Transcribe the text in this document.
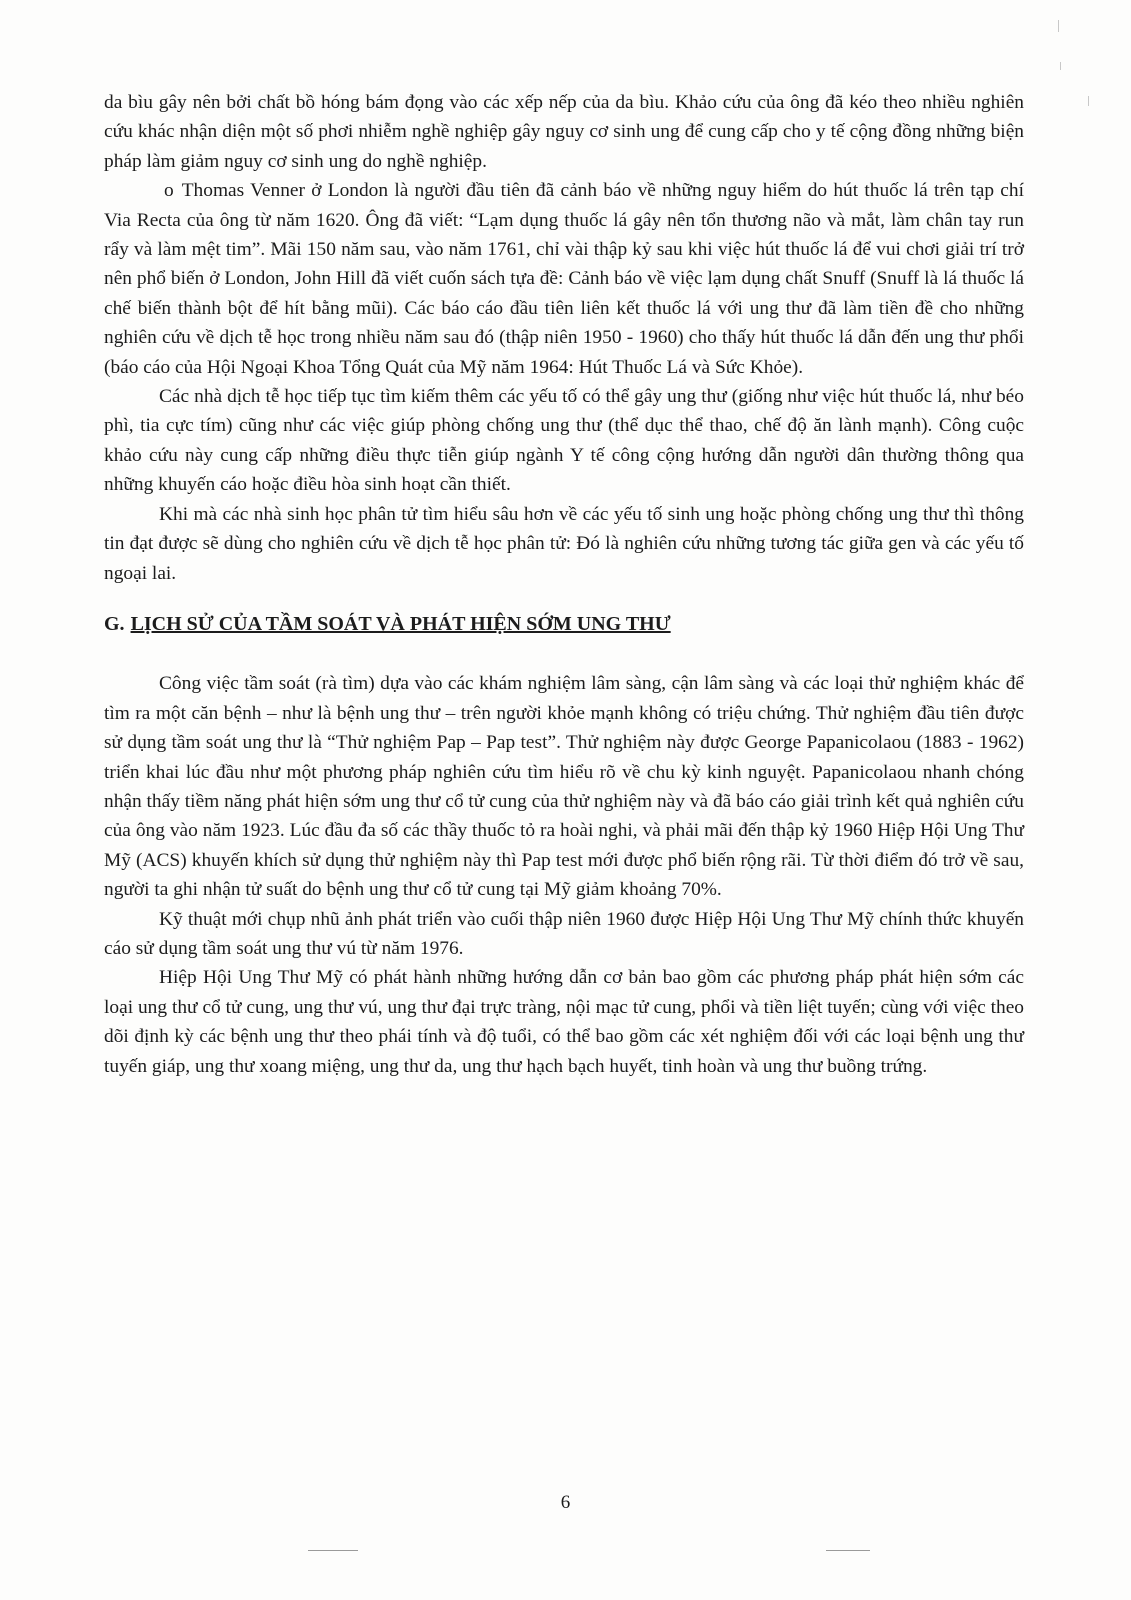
da bìu gây nên bởi chất bồ hóng bám đọng vào các xếp nếp của da bìu. Khảo cứu của ông đã kéo theo nhiều nghiên cứu khác nhận diện một số phơi nhiễm nghề nghiệp gây nguy cơ sinh ung để cung cấp cho y tế cộng đồng những biện pháp làm giảm nguy cơ sinh ung do nghề nghiệp.

o Thomas Venner ở London là người đầu tiên đã cảnh báo về những nguy hiểm do hút thuốc lá trên tạp chí Via Recta của ông từ năm 1620. Ông đã viết: “Lạm dụng thuốc lá gây nên tổn thương não và mắt, làm chân tay run rẩy và làm mệt tim”. Mãi 150 năm sau, vào năm 1761, chỉ vài thập kỷ sau khi việc hút thuốc lá để vui chơi giải trí trở nên phổ biến ở London, John Hill đã viết cuốn sách tựa đề: Cảnh báo về việc lạm dụng chất Snuff (Snuff là lá thuốc lá chế biến thành bột để hít bằng mũi). Các báo cáo đầu tiên liên kết thuốc lá với ung thư đã làm tiền đề cho những nghiên cứu về dịch tễ học trong nhiều năm sau đó (thập niên 1950 - 1960) cho thấy hút thuốc lá dẫn đến ung thư phổi (báo cáo của Hội Ngoại Khoa Tổng Quát của Mỹ năm 1964: Hút Thuốc Lá và Sức Khỏe).

Các nhà dịch tễ học tiếp tục tìm kiếm thêm các yếu tố có thể gây ung thư (giống như việc hút thuốc lá, như béo phì, tia cực tím) cũng như các việc giúp phòng chống ung thư (thể dục thể thao, chế độ ăn lành mạnh). Công cuộc khảo cứu này cung cấp những điều thực tiễn giúp ngành Y tế công cộng hướng dẫn người dân thường thông qua những khuyến cáo hoặc điều hòa sinh hoạt cần thiết.

Khi mà các nhà sinh học phân tử tìm hiểu sâu hơn về các yếu tố sinh ung hoặc phòng chống ung thư thì thông tin đạt được sẽ dùng cho nghiên cứu về dịch tễ học phân tử: Đó là nghiên cứu những tương tác giữa gen và các yếu tố ngoại lai.

G. LỊCH SỬ CỦA TẦM SOÁT VÀ PHÁT HIỆN SỚM UNG THƯ

Công việc tầm soát (rà tìm) dựa vào các khám nghiệm lâm sàng, cận lâm sàng và các loại thử nghiệm khác để tìm ra một căn bệnh – như là bệnh ung thư – trên người khỏe mạnh không có triệu chứng. Thử nghiệm đầu tiên được sử dụng tầm soát ung thư là “Thử nghiệm Pap – Pap test”. Thử nghiệm này được George Papanicolaou (1883 - 1962) triển khai lúc đầu như một phương pháp nghiên cứu tìm hiểu rõ về chu kỳ kinh nguyệt. Papanicolaou nhanh chóng nhận thấy tiềm năng phát hiện sớm ung thư cổ tử cung của thử nghiệm này và đã báo cáo giải trình kết quả nghiên cứu của ông vào năm 1923. Lúc đầu đa số các thầy thuốc tỏ ra hoài nghi, và phải mãi đến thập kỷ 1960 Hiệp Hội Ung Thư Mỹ (ACS) khuyến khích sử dụng thử nghiệm này thì Pap test mới được phổ biến rộng rãi. Từ thời điểm đó trở về sau, người ta ghi nhận tử suất do bệnh ung thư cổ tử cung tại Mỹ giảm khoảng 70%.

Kỹ thuật mới chụp nhũ ảnh phát triển vào cuối thập niên 1960 được Hiệp Hội Ung Thư Mỹ chính thức khuyến cáo sử dụng tầm soát ung thư vú từ năm 1976.

Hiệp Hội Ung Thư Mỹ có phát hành những hướng dẫn cơ bản bao gồm các phương pháp phát hiện sớm các loại ung thư cổ tử cung, ung thư vú, ung thư đại trực tràng, nội mạc tử cung, phổi và tiền liệt tuyến; cùng với việc theo dõi định kỳ các bệnh ung thư theo phái tính và độ tuổi, có thể bao gồm các xét nghiệm đối với các loại bệnh ung thư tuyến giáp, ung thư xoang miệng, ung thư da, ung thư hạch bạch huyết, tinh hoàn và ung thư buồng trứng.

6
